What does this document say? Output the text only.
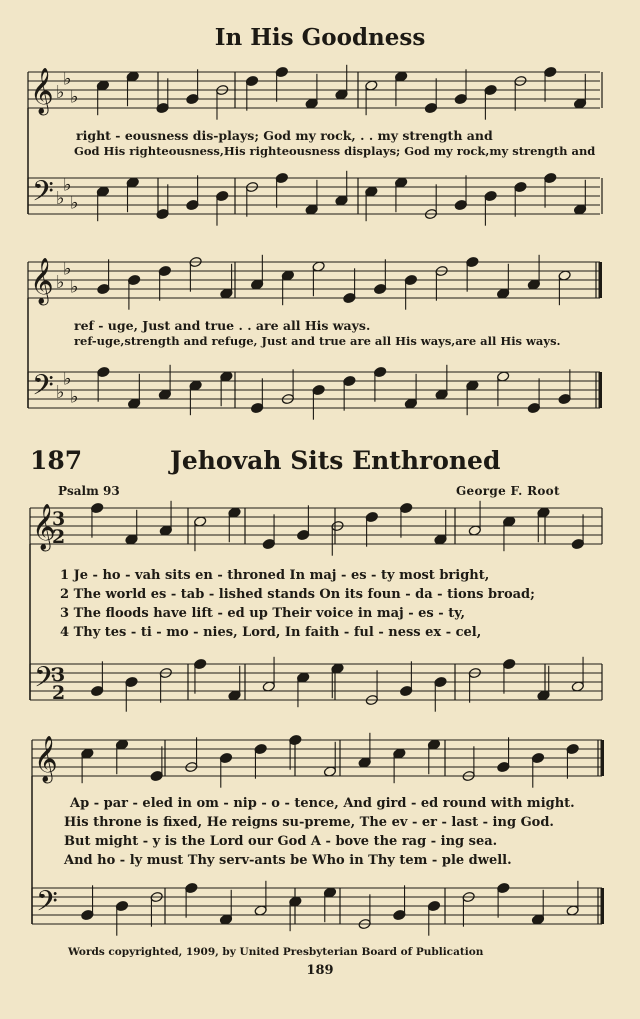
𝄞 ♭
♭
♭
𝄢 ♭
♭
♭
𝄞 ♭
♭
♭
𝄢 ♭
♭
♭
𝄞
3
2
𝄢
3
2
𝄞
𝄢
In His Goodness
right - eousness dis-plays; God my rock, . . my strength and
God His righteousness,His righteousness displays; God my rock,my strength and
ref - uge, Just and true . . are all His ways.
ref-uge,strength and refuge, Just and true are all His ways,are all His ways.
187	Jehovah Sits Enthroned
Psalm 93	George F. Root
1 Je - ho - vah sits en - throned In maj - es - ty most bright,
2 The world es - tab - lished stands On its foun - da - tions broad;
3 The floods have lift - ed up Their voice in maj - es - ty,
4 Thy tes - ti - mo - nies, Lord, In faith - ful - ness ex - cel,
Ap - par - eled in om - nip - o - tence, And gird - ed round with might.
His throne is fixed, He reigns su-preme, The ev - er - last - ing God.
But might - y is the Lord our God A - bove the rag - ing sea.
And ho - ly must Thy serv-ants be Who in Thy tem - ple dwell.
Words copyrighted, 1909, by United Presbyterian Board of Publication
189
